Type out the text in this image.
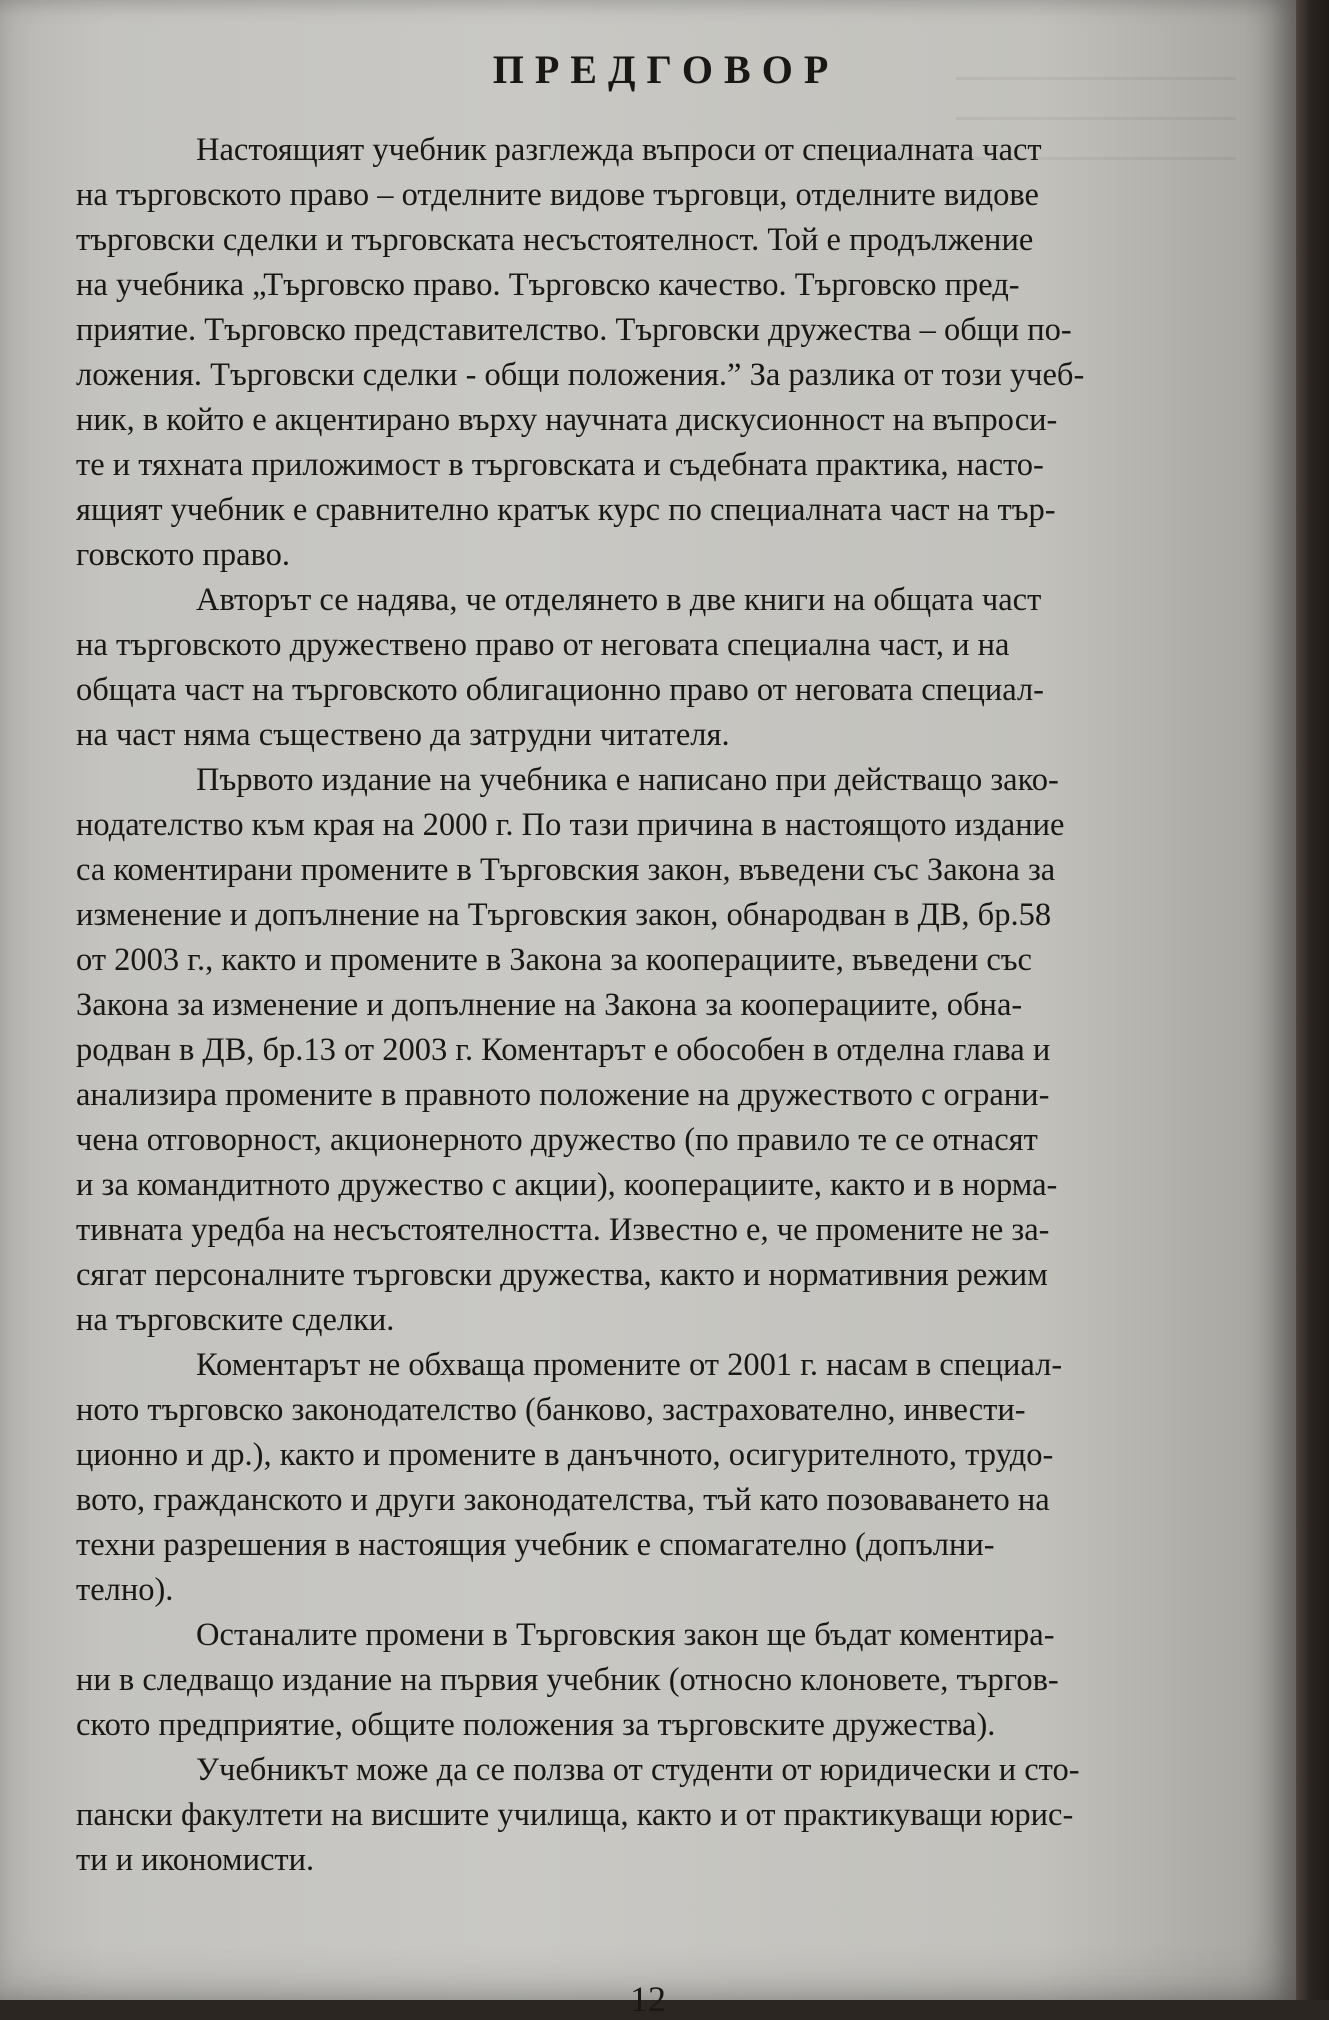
ПРЕДГОВОР
Настоящият учебник разглежда въпроси от специалната част
на търговското право – отделните видове търговци, отделните видове
търговски сделки и търговската несъстоятелност. Той е продължение
на учебника „Търговско право. Търговско качество. Търговско пред-
приятие. Търговско представителство. Търговски дружества – общи по-
ложения. Търговски сделки - общи положения.” За разлика от този учеб-
ник, в който е акцентирано върху научната дискусионност на въпроси-
те и тяхната приложимост в търговската и съдебната практика, насто-
ящият учебник е сравнително кратък курс по специалната част на тър-
говското право.
Авторът се надява, че отделянето в две книги на общата част
на търговското дружествено право от неговата специална част, и на
общата част на търговското облигационно право от неговата специал-
на част няма съществено да затрудни читателя.
Първото издание на учебника е написано при действащо зако-
нодателство към края на 2000 г. По тази причина в настоящото издание
са коментирани промените в Търговския закон, въведени със Закона за
изменение и допълнение на Търговския закон, обнародван в ДВ, бр.58
от 2003 г., както и промените в Закона за кооперациите, въведени със
Закона за изменение и допълнение на Закона за кооперациите, обна-
родван в ДВ, бр.13 от 2003 г. Коментарът е обособен в отделна глава и
анализира промените в правното положение на дружеството с ограни-
чена отговорност, акционерното дружество (по правило те се отнасят
и за командитното дружество с акции), кооперациите, както и в норма-
тивната уредба на несъстоятелността. Известно е, че промените не за-
сягат персоналните търговски дружества, както и нормативния режим
на търговските сделки.
Коментарът не обхваща промените от 2001 г. насам в специал-
ното търговско законодателство (банково, застрахователно, инвести-
ционно и др.), както и промените в данъчното, осигурителното, трудо-
вото, гражданското и други законодателства, тъй като позоваването на
техни разрешения в настоящия учебник е спомагателно (допълни-
телно).
Останалите промени в Търговския закон ще бъдат коментира-
ни в следващо издание на първия учебник (относно клоновете, търгов-
ското предприятие, общите положения за търговските дружества).
Учебникът може да се ползва от студенти от юридически и сто-
пански факултети на висшите училища, както и от практикуващи юрис-
ти и икономисти.
12
